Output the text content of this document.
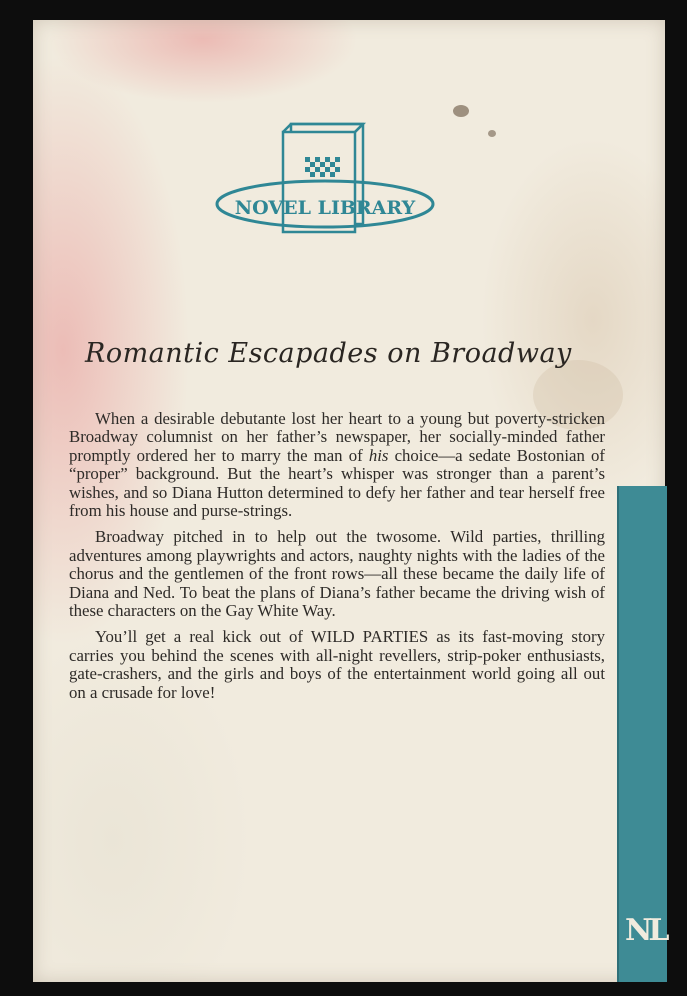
NOVEL LIBRARY
Romantic Escapades on Broadway

When a desirable debutante lost her heart to a young but poverty-stricken Broadway columnist on her father’s newspaper, her socially-minded father promptly ordered her to marry the man of his choice—a sedate Bostonian of “proper” background. But the heart’s whisper was stronger than a parent’s wishes, and so Diana Hutton determined to defy her father and tear herself free from his house and purse-strings.

Broadway pitched in to help out the twosome. Wild parties, thrilling adventures among playwrights and actors, naughty nights with the ladies of the chorus and the gentlemen of the front rows—all these became the daily life of Diana and Ned. To beat the plans of Diana’s father became the driving wish of these characters on the Gay White Way.

You’ll get a real kick out of WILD PARTIES as its fast-moving story carries you behind the scenes with all-night revellers, strip-poker enthusiasts, gate-crashers, and the girls and boys of the entertainment world going all out on a crusade for love!

NL
